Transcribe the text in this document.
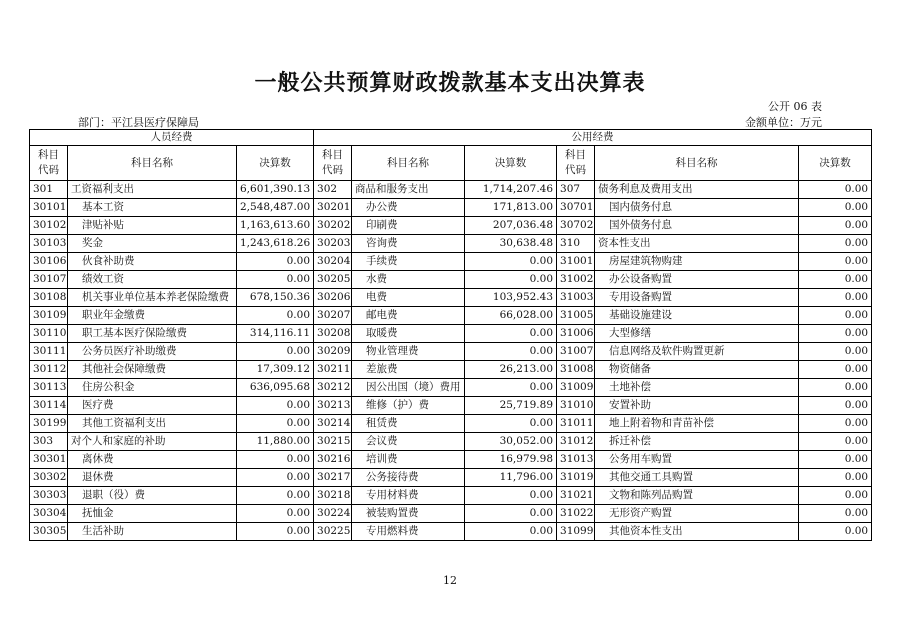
一般公共预算财政拨款基本支出决算表
公开 06 表
部门：平江县医疗保障局	金额单位：万元
人员经费			公用经费					
科目代码	科目名称	决算数	科目代码	科目名称	决算数	科目代码	科目名称	决算数
301	工资福利支出	6,601,390.13	302	商品和服务支出	1,714,207.46	307	债务利息及费用支出	0.00
30101	基本工资	2,548,487.00	30201	办公费	171,813.00	30701	国内债务付息	0.00
30102	津贴补贴	1,163,613.60	30202	印刷费	207,036.48	30702	国外债务付息	0.00
30103	奖金	1,243,618.26	30203	咨询费	30,638.48	310	资本性支出	0.00
30106	伙食补助费	0.00	30204	手续费	0.00	31001	房屋建筑物购建	0.00
30107	绩效工资	0.00	30205	水费	0.00	31002	办公设备购置	0.00
30108	机关事业单位基本养老保险缴费	678,150.36	30206	电费	103,952.43	31003	专用设备购置	0.00
30109	职业年金缴费	0.00	30207	邮电费	66,028.00	31005	基础设施建设	0.00
30110	职工基本医疗保险缴费	314,116.11	30208	取暖费	0.00	31006	大型修缮	0.00
30111	公务员医疗补助缴费	0.00	30209	物业管理费	0.00	31007	信息网络及软件购置更新	0.00
30112	其他社会保障缴费	17,309.12	30211	差旅费	26,213.00	31008	物资储备	0.00
30113	住房公积金	636,095.68	30212	因公出国（境）费用	0.00	31009	土地补偿	0.00
30114	医疗费	0.00	30213	维修（护）费	25,719.89	31010	安置补助	0.00
30199	其他工资福利支出	0.00	30214	租赁费	0.00	31011	地上附着物和青苗补偿	0.00
303	对个人和家庭的补助	11,880.00	30215	会议费	30,052.00	31012	拆迁补偿	0.00
30301	离休费	0.00	30216	培训费	16,979.98	31013	公务用车购置	0.00
30302	退休费	0.00	30217	公务接待费	11,796.00	31019	其他交通工具购置	0.00
30303	退职（役）费	0.00	30218	专用材料费	0.00	31021	文物和陈列品购置	0.00
30304	抚恤金	0.00	30224	被装购置费	0.00	31022	无形资产购置	0.00
30305	生活补助	0.00	30225	专用燃料费	0.00	31099	其他资本性支出	0.00
12
